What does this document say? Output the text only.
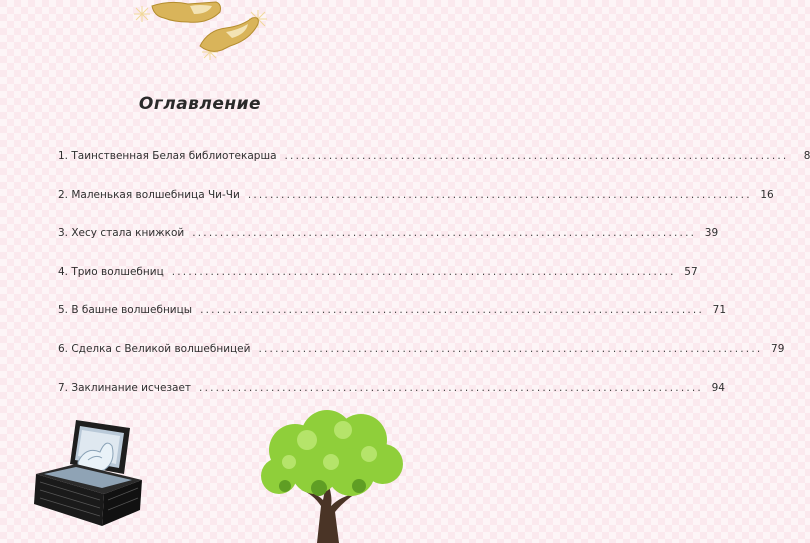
Оглавление
1. Таинственная Белая библиотекарша ...........................................................................................	8
2. Маленькая волшебница Чи-Чи ........................................................................................... 16
3. Хесу стала книжкой ........................................................................................... 39
4. Трио волшебниц ........................................................................................... 57
5. В башне волшебницы ........................................................................................... 71
6. Сделка с Великой волшебницей ........................................................................................... 79
7. Заклинание исчезает ........................................................................................... 94
